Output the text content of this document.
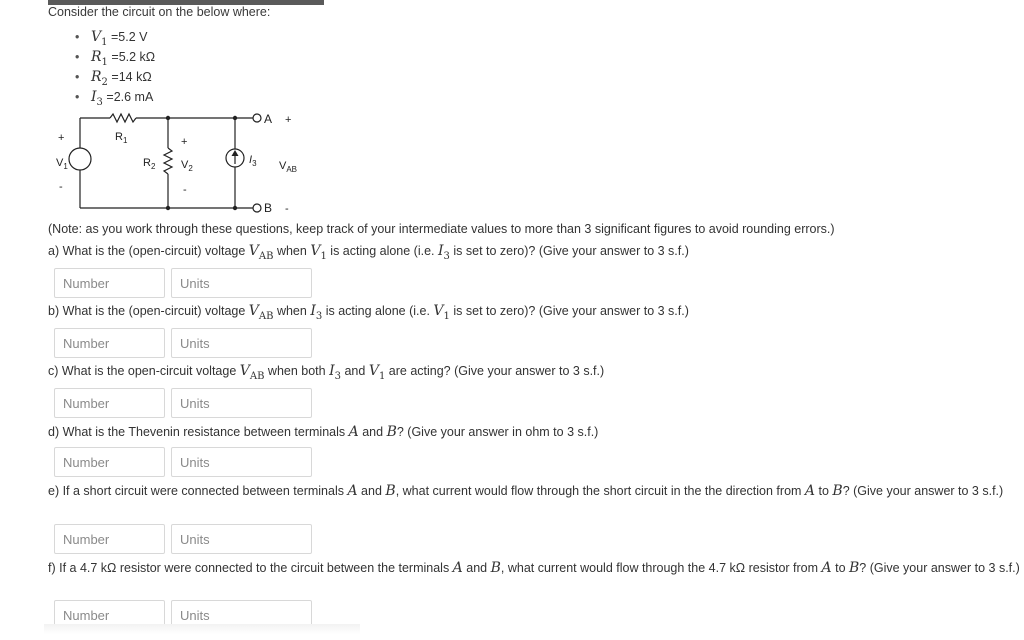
Consider the circuit on the below where:
• $V_1 =5.2$ V
• $R_1 =5.2$ kΩ
• $R_2 =14$ kΩ
• $I_3 =2.6$ mA
+
-
$V_1$
$R_1$
$R_2$
+
$V_2$
-
$I_3$ $V_{AB}$
A +
B -
(Note: as you work through these questions, keep track of your intermediate values to more than 3 significant figures to avoid rounding errors.)
a) What is the (open-circuit) voltage $V_{AB}$ when $V_1$ is acting alone (i.e. $I_3$ is set to zero)? (Give your answer to 3 s.f.)
Number
Units
b) What is the (open-circuit) voltage $V_{AB}$ when $I_3$ is acting alone (i.e. $V_1$ is set to zero)? (Give your answer to 3 s.f.)
Number
Units
c) What is the open-circuit voltage $V_{AB}$ when both $I_3$ and $V_1$ are acting? (Give your answer to 3 s.f.)
Number
Units
d) What is the Thevenin resistance between terminals A and B? (Give your answer in ohm to 3 s.f.)
Number
Units
e) If a short circuit were connected between terminals A and B, what current would flow through the short circuit in the the direction from A to B? (Give your answer to 3 s.f.)
Number
Units
f) If a 4.7 kΩ resistor were connected to the circuit between the terminals A and B, what current would flow through the 4.7 kΩ resistor from A to B? (Give your answer to 3 s.f.)
Number
Units
